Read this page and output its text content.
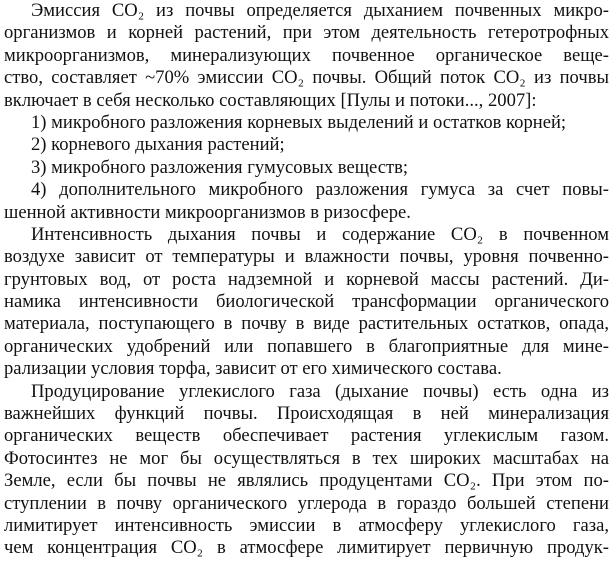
Эмиссия CO₂ из почвы определяется дыханием почвенных микро-
организмов и корней растений, при этом деятельность гетеротрофных
микроорганизмов, минерализующих почвенное органическое веще-
ство, составляет ~70% эмиссии CO₂ почвы. Общий поток CO₂ из почвы
включает в себя несколько составляющих [Пулы и потоки..., 2007]:
1) микробного разложения корневых выделений и остатков корней;
2) корневого дыхания растений;
3) микробного разложения гумусовых веществ;
4) дополнительного микробного разложения гумуса за счет повы-
шенной активности микроорганизмов в ризосфере.
Интенсивность дыхания почвы и содержание CO₂ в почвенном
воздухе зависит от температуры и влажности почвы, уровня почвенно-
грунтовых вод, от роста надземной и корневой массы растений. Ди-
намика интенсивности биологической трансформации органического
материала, поступающего в почву в виде растительных остатков, опада,
органических удобрений или попавшего в благоприятные для мине-
рализации условия торфа, зависит от его химического состава.
Продуцирование углекислого газа (дыхание почвы) есть одна из
важнейших функций почвы. Происходящая в ней минерализация
органических веществ обеспечивает растения углекислым газом.
Фотосинтез не мог бы осуществляться в тех широких масштабах на
Земле, если бы почвы не являлись продуцентами CO₂. При этом по-
ступлении в почву органического углерода в гораздо большей степени
лимитирует интенсивность эмиссии в атмосферу углекислого газа,
чем концентрация CO₂ в атмосфере лимитирует первичную продук-
